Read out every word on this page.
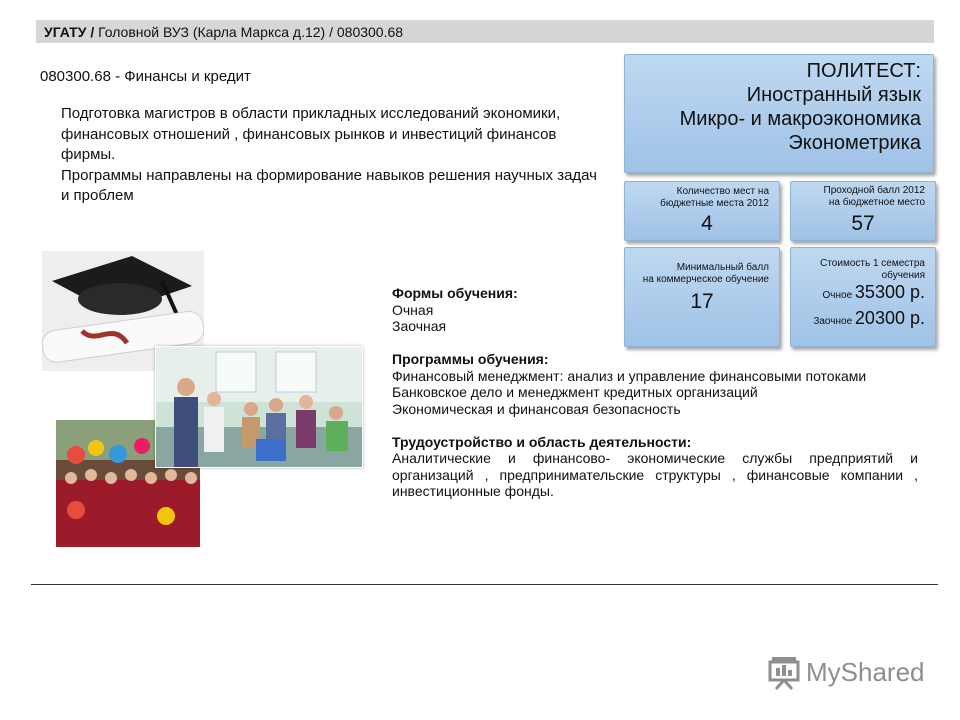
УГАТУ / Головной ВУЗ (Карла Маркса д.12) / 080300.68
080300.68 - Финансы и кредит

Подготовка магистров в области прикладных исследований экономики, финансовых отношений , финансовых рынков и инвестиций финансов фирмы.

Программы направлены на формирование навыков решения научных задач и проблем

ПОЛИТЕСТ:
Иностранный язык
Микро- и макроэкономика
Эконометрика
Количество мест на
бюджетные места 2012
4
Проходной балл 2012
на бюджетное место
57
Минимальный балл
на коммерческое обучение
17
Стоимость 1 семестра
обучения
Очное 35300 р.
Заочное 20300 р.
Формы обучения:
Очная
Заочная
Программы обучения:
Финансовый менеджмент: анализ и управление финансовыми потоками
Банковское дело и менеджмент кредитных организаций
Экономическая и финансовая безопасность
Трудоустройство и область деятельности:
Аналитические и финансово- экономические службы предприятий и организаций , предпринимательские структуры , финансовые компании , инвестиционные фонды.
MyShared
